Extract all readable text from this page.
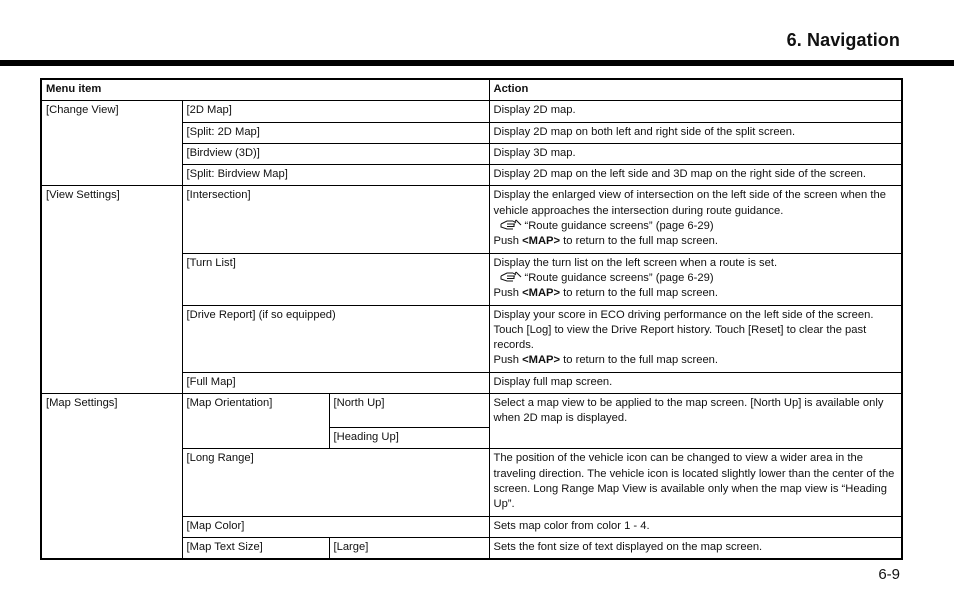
6. Navigation
Menu item			Action
[Change View]	[2D Map]		Display 2D map.
	[Split: 2D Map]		Display 2D map on both left and right side of the split screen.
	[Birdview (3D)]		Display 3D map.
	[Split: Birdview Map]		Display 2D map on the left side and 3D map on the right side of the screen.
[View Settings]	[Intersection]		Display the enlarged view of intersection on the left side of the screen when the vehicle approaches the intersection during route guidance.
“Route guidance screens” (page 6-29)
Push <MAP> to return to the full map screen.
	[Turn List]		Display the turn list on the left screen when a route is set.
“Route guidance screens” (page 6-29)
Push <MAP> to return to the full map screen.
	[Drive Report] (if so equipped)		Display your score in ECO driving performance on the left side of the screen. Touch [Log] to view the Drive Report history. Touch [Reset] to clear the past records.
Push <MAP> to return to the full map screen.
	[Full Map]		Display full map screen.
[Map Settings]	[Map Orientation]	[North Up]	Select a map view to be applied to the map screen. [North Up] is available only when 2D map is displayed.
		[Heading Up]	
	[Long Range]		The position of the vehicle icon can be changed to view a wider area in the traveling direction. The vehicle icon is located slightly lower than the center of the screen. Long Range Map View is available only when the map view is “Heading Up”.
	[Map Color]		Sets map color from color 1 - 4.
	[Map Text Size]	[Large]	Sets the font size of text displayed on the map screen.
6-9
